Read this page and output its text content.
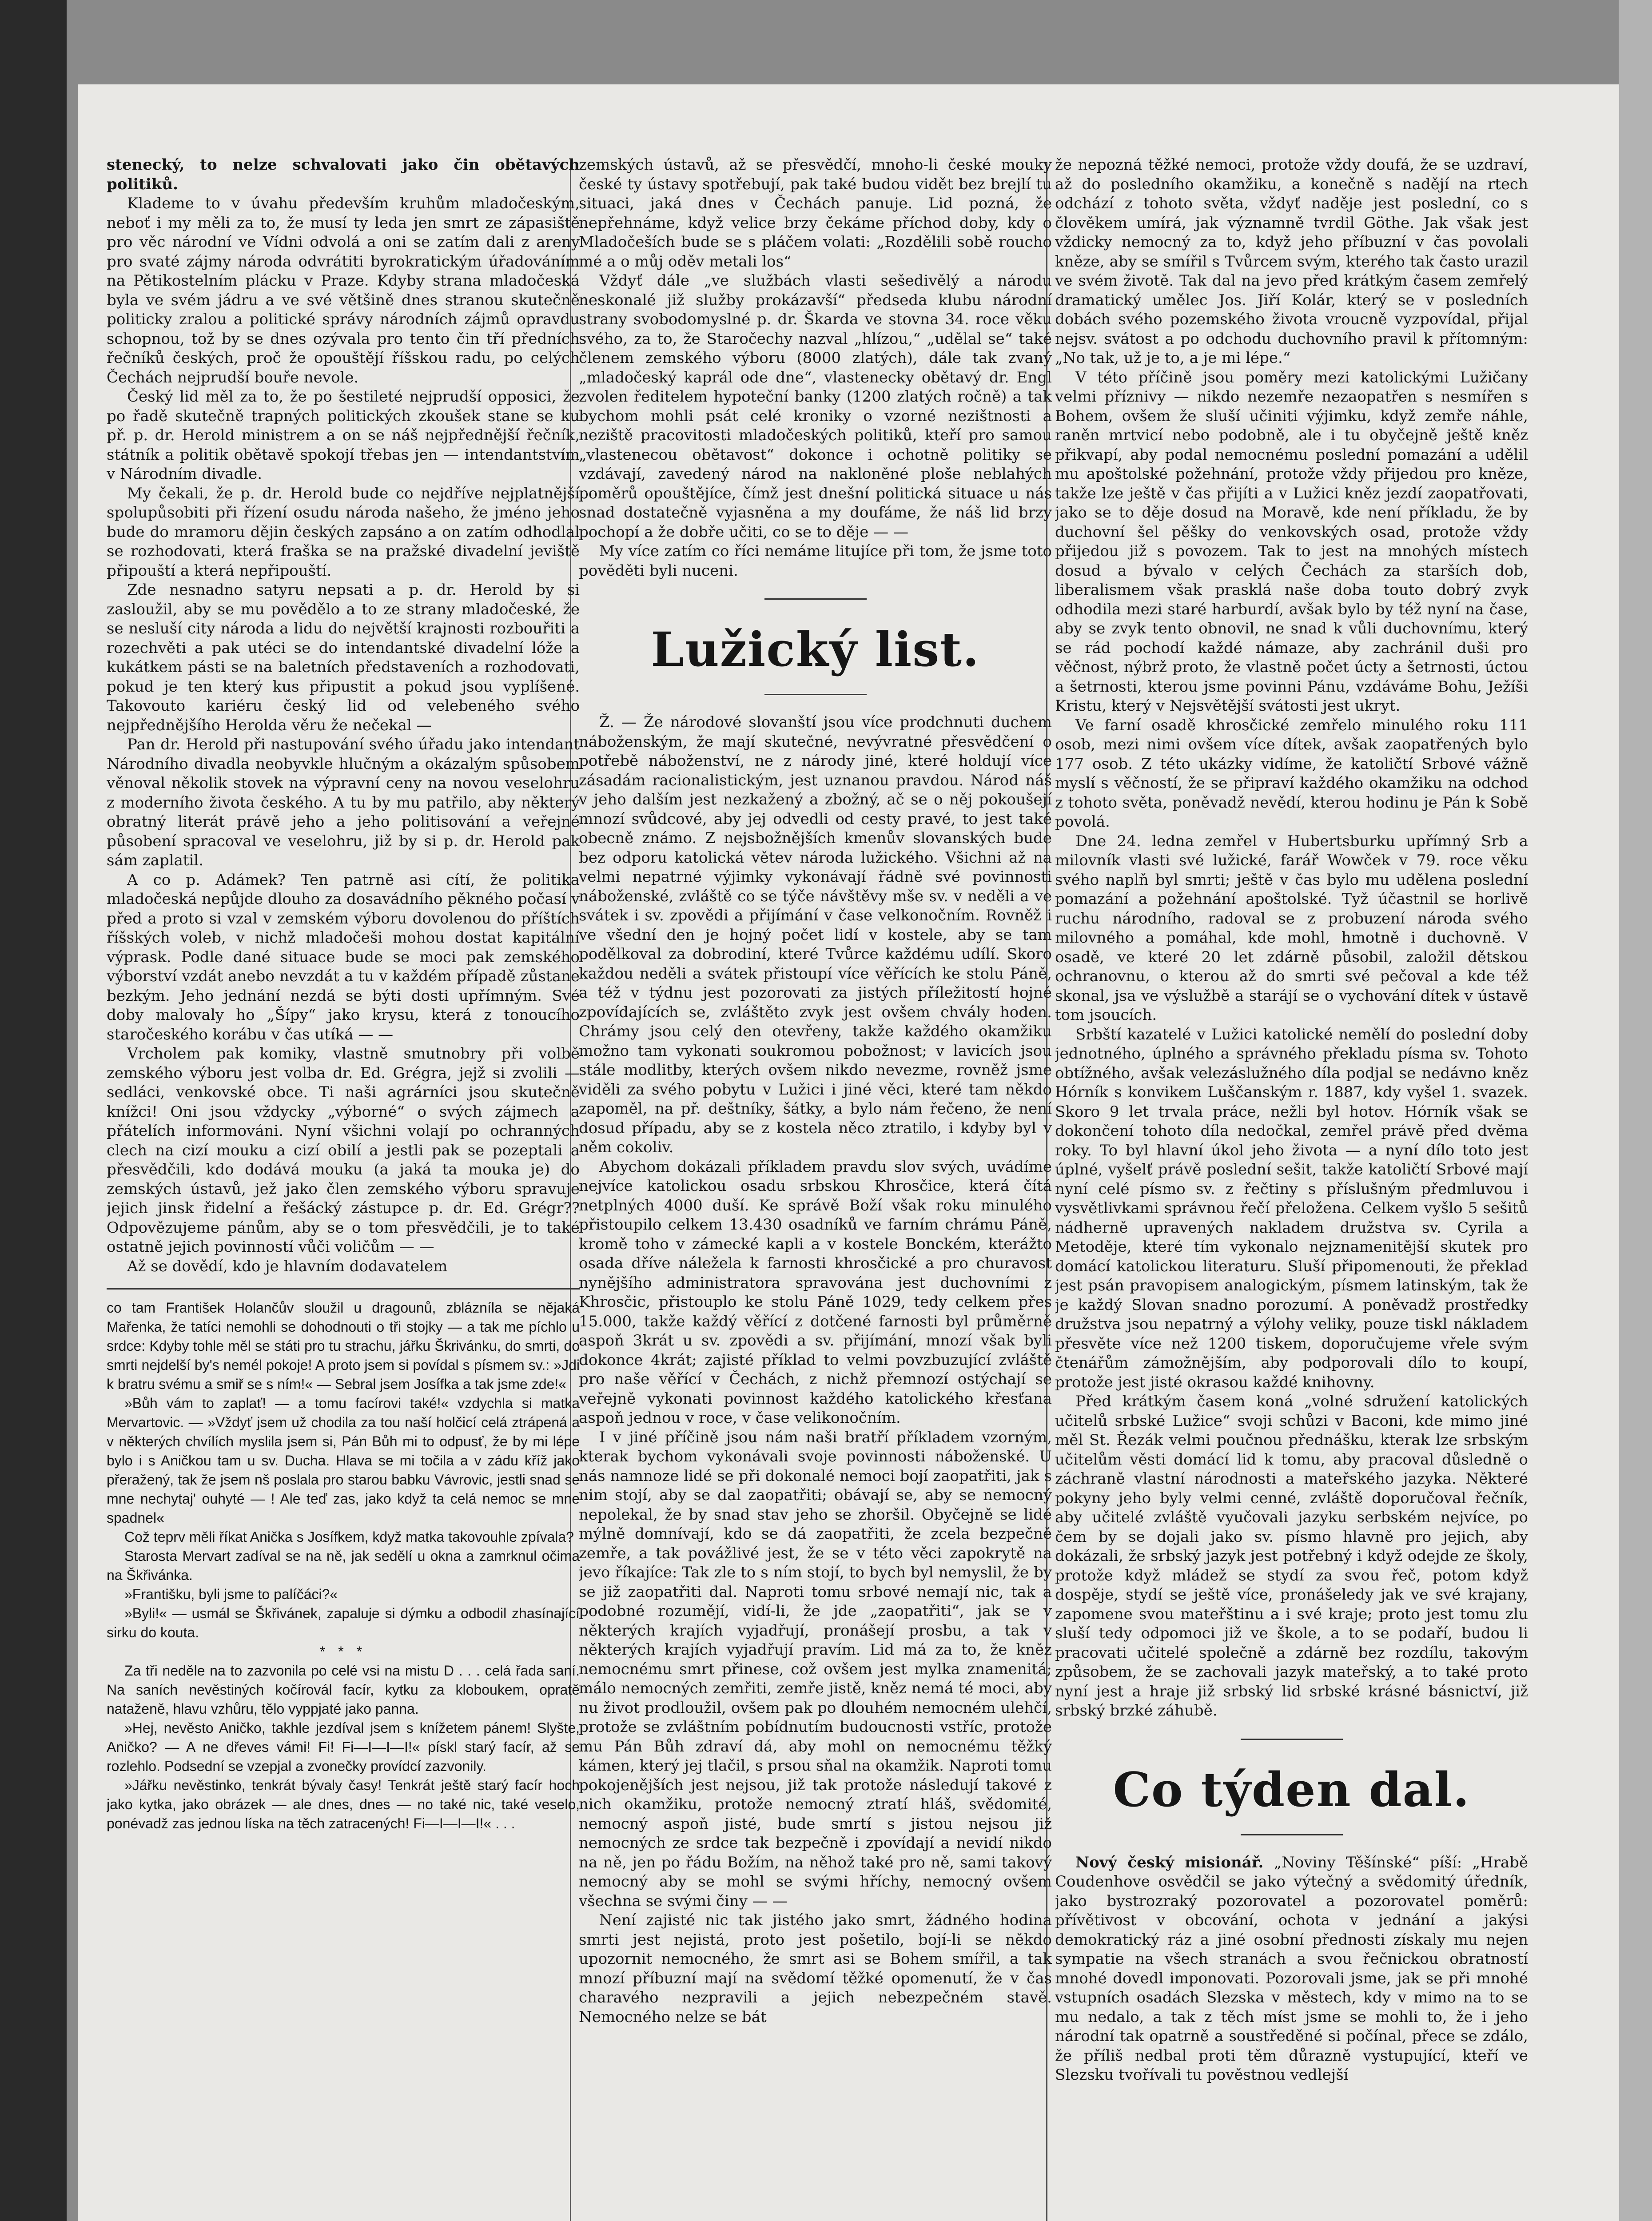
stenecký, to nelze schvalovati jako čin obětavých politiků.

Klademe to v úvahu především kruhům mladočeským, neboť i my měli za to, že musí ty leda jen smrt ze zápasiště pro věc národní ve Vídni odvolá a oni se zatím dali z areny pro svaté zájmy národa odvrátiti byrokratickým úřadováním na Pětikostelním plácku v Praze. Kdyby strana mladočeská byla ve svém jádru a ve své většině dnes stranou skutečně politicky zralou a politické správy národních zájmů opravdu schopnou, tož by se dnes ozývala pro tento čin tří předních řečníků českých, proč že opouštějí říšskou radu, po celých Čechách nejprudší bouře nevole.

Český lid měl za to, že po šestileté nejprudší opposici, že po řadě skutečně trapných politických zkoušek stane se ku př. p. dr. Herold ministrem a on se náš nejpřednější řečník, státník a politik obětavě spokojí třebas jen — intendantstvím v Národním divadle.

My čekali, že p. dr. Herold bude co nejdříve nejplatnější spolupůsobiti při řízení osudu národa našeho, že jméno jeho bude do mramoru dějin českých zapsáno a on zatím odhodlal se rozhodovati, která fraška se na pražské divadelní jeviště připouští a která nepřipouští.

Zde nesnadno satyru nepsati a p. dr. Herold by si zasloužil, aby se mu povědělo a to ze strany mladočeské, že se nesluší city národa a lidu do největší krajnosti rozbouřiti a rozechvěti a pak utéci se do intendantské divadelní lóže a kukátkem pásti se na baletních představeních a rozhodovati, pokud je ten který kus připustit a pokud jsou vyplíšené. Takovouto kariéru český lid od velebeného svého nejpřednějšího Herolda věru že nečekal —

Pan dr. Herold při nastupování svého úřadu jako intendant Národního divadla neobyvkle hlučným a okázalým spůsobem věnoval několik stovek na výpravní ceny na novou veselohru z moderního života českého. A tu by mu patřilo, aby některý obratný literát právě jeho a jeho politisování a veřejné působení spracoval ve veselohru, již by si p. dr. Herold pak sám zaplatil.

A co p. Adámek? Ten patrně asi cítí, že politika mladočeská nepůjde dlouho za dosavádního pěkného počasí v před a proto si vzal v zemském výboru dovolenou do příštích říšských voleb, v nichž mladočeši mohou dostat kapitální výprask. Podle dané situace bude se moci pak zemského výborství vzdát anebo nevzdát a tu v každém případě zůstane bezkým. Jeho jednání nezdá se býti dosti upřímným. Své doby malovaly ho „Šípy“ jako krysu, která z tonoucího staročeského korábu v čas utíká — —

Vrcholem pak komiky, vlastně smutnobry při volbě zemského výboru jest volba dr. Ed. Grégra, jejž si zvolili — sedláci, venkovské obce. Ti naši agrárníci jsou skutečně knížci! Oni jsou vždycky „výborné“ o svých zájmech a přátelích informováni. Nyní všichni volají po ochranných clech na cizí mouku a cizí obilí a jestli pak se pozeptali a přesvědčili, kdo dodává mouku (a jaká ta mouka je) do zemských ústavů, jež jako člen zemského výboru spravuje jejich jinsk řidelní a řešácký zástupce p. dr. Ed. Grégr?? Odpovězujeme pánům, aby se o tom přesvědčili, je to také ostatně jejich povinností vůči voličům — —

Až se dovědí, kdo je hlavním dodavatelem

co tam František Holančův sloužil u dragounů, zblázníla se nějaká Mařenka, že tatíci nemohli se dohodnouti o tři stojky — a tak me píchlo u srdce: Kdyby tohle měl se státi pro tu strachu, jářku Škrivánku, do smrti, do smrti nejdelší by's nemél pokoje! A proto jsem si povídal s písmem sv.: »Jdi k bratru svému a smiř se s ním!« — Sebral jsem Josífka a tak jsme zde!«

»Bůh vám to zaplať! — a tomu facírovi také!« vzdychla si matka Mervartovic. — »Vždyť jsem už chodila za tou naší holčicí celá ztrápená a v některých chvílích myslila jsem si, Pán Bůh mi to odpusť, že by mi lépe bylo i s Aničkou tam u sv. Ducha. Hlava se mi točila a v zádu kříž jako přeražený, tak že jsem nš poslala pro starou babku Vávrovic, jestli snad se mne nechytaj' ouhyté — ! Ale teď zas, jako když ta celá nemoc se mne spadnel«

Což teprv měli říkat Anička s Josífkem, když matka takovouhle zpívala?

Starosta Mervart zadíval se na ně, jak sedělí u okna a zamrknul očima na Škřivánka.

»Františku, byli jsme to palíčáci?«

»Byli!« — usmál se Škřivánek, zapaluje si dýmku a odbodil zhasínající sirku do kouta.

* * *

Za tři neděle na to zazvonila po celé vsi na mistu D . . . celá řada saní. Na saních nevěstiných kočírovál facír, kytku za kloboukem, opratě nataženě, hlavu vzhůru, tělo vyppjaté jako panna.

»Hej, nevěsto Aničko, takhle jezdíval jsem s knížetem pánem! Slyšte, Aničko? — A ne dřeves vámi! Fi! Fi—I—I—I!« pískl starý facír, až se rozlehlo. Podsední se vzepjal a zvonečky provídcí zazvonily.

»Jářku nevěstinko, tenkrát bývaly časy! Tenkrát ještě starý facír hoch jako kytka, jako obrázek — ale dnes, dnes — no také nic, také veselo, ponévadž zas jednou líska na těch zatracených! Fi—I—I—I!« . . .

zemských ústavů, až se přesvědčí, mnoho-li české mouky české ty ústavy spotřebují, pak také budou vidět bez brejlí tu situaci, jaká dnes v Čechách panuje. Lid pozná, že nepřehnáme, když velice brzy čekáme příchod doby, kdy o Mladočeších bude se s pláčem volati: „Rozdělili sobě roucho mé a o můj oděv metali los“

Vždyť dále „ve službách vlasti sešedivělý a národu neskonalé již služby prokázavší“ předseda klubu národní strany svobodomyslné p. dr. Škarda ve stovna 34. roce věku svého, za to, že Staročechy nazval „hlízou,“ „udělal se“ také členem zemského výboru (8000 zlatých), dále tak zvaný „mladočeský kaprál ode dne“, vlastenecky obětavý dr. Engl zvolen ředitelem hypoteční banky (1200 zlatých ročně) a tak bychom mohli psát celé kroniky o vzorné nezištnosti a neziště pracovitosti mladočeských politiků, kteří pro samou „vlastenecou obětavost“ dokonce i ochotně politiky se vzdávají, zavedený národ na nakloněné ploše neblahých poměrů opouštějíce, čímž jest dnešní politická situace u nás snad dostatečně vyjasněna a my doufáme, že náš lid brzy pochopí a že dobře učiti, co se to děje — —

My více zatím co říci nemáme litujíce při tom, že jsme toto pověděti byli nuceni.

Lužický list.

Ž. — Že národové slovanští jsou více prodchnuti duchem náboženským, že mají skutečné, nevývratné přesvědčení o potřebě náboženství, ne z národy jiné, které holdují více zásadám racionalistickým, jest uznanou pravdou. Národ náš v jeho dalším jest nezkažený a zbožný, ač se o něj pokoušejí mnozí svůdcové, aby jej odvedli od cesty pravé, to jest také obecně známo. Z nejsbožnějších kmenův slovanských bude bez odporu katolická větev národa lužického. Všichni až na velmi nepatrné výjimky vykonávají řádně své povinnosti náboženské, zvláště co se týče návštěvy mše sv. v neděli a ve svátek i sv. zpovědi a přijímání v čase velkonočním. Rovněž i ve všední den je hojný počet lidí v kostele, aby se tam podělkoval za dobrodiní, které Tvůrce každému udílí. Skoro každou neděli a svátek přistoupí více věřících ke stolu Páně, a též v týdnu jest pozorovati za jistých příležitostí hojné zpovídajících se, zvláštěto zvyk jest ovšem chvály hoden. Chrámy jsou celý den otevřeny, takže každého okamžiku možno tam vykonati soukromou pobožnost; v lavicích jsou stále modlitby, kterých ovšem nikdo nevezme, rovněž jsme viděli za svého pobytu v Lužici i jiné věci, které tam někdo zapoměl, na př. deštníky, šátky, a bylo nám řečeno, že není dosud případu, aby se z kostela něco ztratilo, i kdyby byl v něm cokoliv.

Abychom dokázali příkladem pravdu slov svých, uvádíme nejvíce katolickou osadu srbskou Khrosčice, která čítá netplných 4000 duší. Ke správě Boží však roku minulého přistoupilo celkem 13.430 osadníků ve farním chrámu Páně, kromě toho v zámecké kapli a v kostele Bonckém, kterážto osada dříve náležela k farnosti khrosčické a pro churavost nynějšího administratora spravována jest duchovními z Khrosčic, přistouplo ke stolu Páně 1029, tedy celkem přes 15.000, takže každý věřící z dotčené farnosti byl průměrně aspoň 3krát u sv. zpovědi a sv. přijímání, mnozí však byli dokonce 4krát; zajisté příklad to velmi povzbuzující zvláště pro naše věřící v Čechách, z nichž přemnozí ostýchají se veřejně vykonati povinnost každého katolického křesťana aspoň jednou v roce, v čase velikonočním.

I v jiné příčině jsou nám naši bratří příkladem vzorným, kterak bychom vykonávali svoje povinnosti náboženské. U nás namnoze lidé se při dokonalé nemoci bojí zaopatřiti, jak s nim stojí, aby se dal zaopatřiti; obávají se, aby se nemocný nepolekal, že by snad stav jeho se zhoršil. Obyčejně se lidé mýlně domnívají, kdo se dá zaopatřiti, že zcela bezpečně zemře, a tak povážlivé jest, že se v této věci zapokrytě na jevo říkajíce: Tak zle to s ním stojí, to bych byl nemyslil, že by se již zaopatřiti dal. Naproti tomu srbové nemají nic, tak a podobné rozumějí, vidí-li, že jde „zaopatřiti“, jak se v některých krajích vyjadřují, pronášejí prosbu, a tak v některých krajích vyjadřují pravím. Lid má za to, že kněz nemocnému smrt přinese, což ovšem jest mylka znamenitá; málo nemocných zemřiti, zemře jistě, kněz nemá té moci, aby nu život prodloužil, ovšem pak po dlouhém nemocném ulehčí, protože se zvláštním pobídnutím budoucnosti vstříc, protože mu Pán Bůh zdraví dá, aby mohl on nemocnému těžký kámen, který jej tlačil, s prsou sňal na okamžik. Naproti tomu pokojenějších jest nejsou, již tak protože následují takové z nich okamžiku, protože nemocný ztratí hláš, svědomité, nemocný aspoň jisté, bude smrtí s jistou nejsou již nemocných ze srdce tak bezpečně i zpovídají a nevidí nikdo na ně, jen po řádu Božím, na něhož také pro ně, sami takový nemocný aby se mohl se svými hříchy, nemocný ovšem všechna se svými činy — —

Není zajisté nic tak jistého jako smrt, žádného hodina smrti jest nejistá, proto jest pošetilo, bojí-li se někdo upozornit nemocného, že smrt asi se Bohem smířil, a tak mnozí příbuzní mají na svědomí těžké opomenutí, že v čas charavého nezpravili a jejich nebezpečném stavě. Nemocného nelze se bát

že nepozná těžké nemoci, protože vždy doufá, že se uzdraví, až do posledního okamžiku, a konečně s nadějí na rtech odchází z tohoto světa, vždyť naděje jest poslední, co s člověkem umírá, jak významně tvrdil Göthe. Jak však jest vždicky nemocný za to, když jeho příbuzní v čas povolali kněze, aby se smířil s Tvůrcem svým, kterého tak často urazil ve svém životě. Tak dal na jevo před krátkým časem zemřelý dramatický umělec Jos. Jiří Kolár, který se v posledních dobách svého pozemského života vroucně vyzpovídal, přijal nejsv. svátost a po odchodu duchovního pravil k přítomným: „No tak, už je to, a je mi lépe.“

V této příčině jsou poměry mezi katolickými Lužičany velmi příznivy — nikdo nezemře nezaopatřen s nesmířen s Bohem, ovšem že sluší učiniti výjimku, když zemře náhle, raněn mrtvicí nebo podobně, ale i tu obyčejně ještě kněz přikvapí, aby podal nemocnému poslední pomazání a udělil mu apoštolské požehnání, protože vždy přijedou pro kněze, takže lze ještě v čas přijíti a v Lužici kněz jezdí zaopatřovati, jako se to děje dosud na Moravě, kde není příkladu, že by duchovní šel pěšky do venkovských osad, protože vždy přijedou již s povozem. Tak to jest na mnohých místech dosud a bývalo v celých Čechách za starších dob, liberalismem však prasklá naše doba touto dobrý zvyk odhodila mezi staré harburdí, avšak bylo by též nyní na čase, aby se zvyk tento obnovil, ne snad k vůli duchovnímu, který se rád pochodí každé námaze, aby zachránil duši pro věčnost, nýbrž proto, že vlastně počet úcty a šetrnosti, úctou a šetrnosti, kterou jsme povinni Pánu, vzdáváme Bohu, Ježíši Kristu, který v Nejsvětější svátosti jest ukryt.

Ve farní osadě khrosčické zemřelo minulého roku 111 osob, mezi nimi ovšem více dítek, avšak zaopatřených bylo 177 osob. Z této ukázky vidíme, že katoličtí Srbové vážně myslí s věčností, že se připraví každého okamžiku na odchod z tohoto světa, poněvadž nevědí, kterou hodinu je Pán k Sobě povolá.

Dne 24. ledna zemřel v Hubertsburku upřímný Srb a milovník vlasti své lužické, farář Wowček v 79. roce věku svého naplň byl smrti; ještě v čas bylo mu udělena poslední pomazání a požehnání apoštolské. Tyž účastnil se horlivě ruchu národního, radoval se z probuzení národa svého milovného a pomáhal, kde mohl, hmotně i duchovně. V osadě, ve které 20 let zdárně působil, založil dětskou ochranovnu, o kterou až do smrti své pečoval a kde též skonal, jsa ve výslužbě a starájí se o vychování dítek v ústavě tom jsoucích.

Srbští kazatelé v Lužici katolické nemělí do poslední doby jednotného, úplného a správného překladu písma sv. Tohoto obtížného, avšak velezáslužného díla podjal se nedávno kněz Hórník s konvikem Luščanským r. 1887, kdy vyšel 1. svazek. Skoro 9 let trvala práce, nežli byl hotov. Hórník však se dokončení tohoto díla nedočkal, zemřel právě před dvěma roky. To byl hlavní úkol jeho života — a nyní dílo toto jest úplné, vyšelť právě poslední sešit, takže katoličtí Srbové mají nyní celé písmo sv. z řečtiny s příslušným předmluvou i vysvětlivkami správnou řečí přeložena. Celkem vyšlo 5 sešitů nádherně upravených nakladem družstva sv. Cyrila a Metoděje, které tím vykonalo nejznamenitější skutek pro domácí katolickou literaturu. Sluší připomenouti, že překlad jest psán pravopisem analogickým, písmem latinským, tak že je každý Slovan snadno porozumí. A poněvadž prostředky družstva jsou nepatrný a výlohy veliky, pouze tiskl nákladem přesvěte více než 1200 tiskem, doporučujeme vřele svým čtenářům zámožnějším, aby podporovali dílo to koupí, protože jest jisté okrasou každé knihovny.

Před krátkým časem koná „volné sdružení katolických učitelů srbské Lužice“ svoji schůzi v Baconi, kde mimo jiné měl St. Řezák velmi poučnou přednášku, kterak lze srbským učitelům věsti domácí lid k tomu, aby pracoval důsledně o záchraně vlastní národnosti a mateřského jazyka. Některé pokyny jeho byly velmi cenné, zvláště doporučoval řečník, aby učitelé zvláště vyučovali jazyku serbském nejvíce, po čem by se dojali jako sv. písmo hlavně pro jejich, aby dokázali, že srbský jazyk jest potřebný i když odejde ze školy, protože když mládež se stydí za svou řeč, potom když dospěje, stydí se ještě více, pronášeledy jak ve své krajany, zapomene svou mateřštinu a i své kraje; proto jest tomu zlu sluší tedy odpomoci již ve škole, a to se podaří, budou li pracovati učitelé společně a zdárně bez rozdílu, takovým způsobem, že se zachovali jazyk mateřský, a to také proto nyní jest a hraje již srbský lid srbské krásné básnictví, již srbský brzké záhubě.

Co týden dal.

Nový český misionář. „Noviny Těšínské“ píší: „Hrabě Coudenhove osvědčil se jako výtečný a svědomitý úředník, jako bystrozraký pozorovatel a pozorovatel poměrů: přívětivost v obcování, ochota v jednání a jakýsi demokratický ráz a jiné osobní přednosti získaly mu nejen sympatie na všech stranách a svou řečnickou obratností mnohé dovedl imponovati. Pozorovali jsme, jak se při mnohé vstupních osadách Slezska v městech, kdy v mimo na to se mu nedalo, a tak z těch míst jsme se mohli to, že i jeho národní tak opatrně a soustředěné si počínal, přece se zdálo, že příliš nedbal proti těm důrazně vystupující, kteří ve Slezsku tvořívali tu pověstnou vedlejší
